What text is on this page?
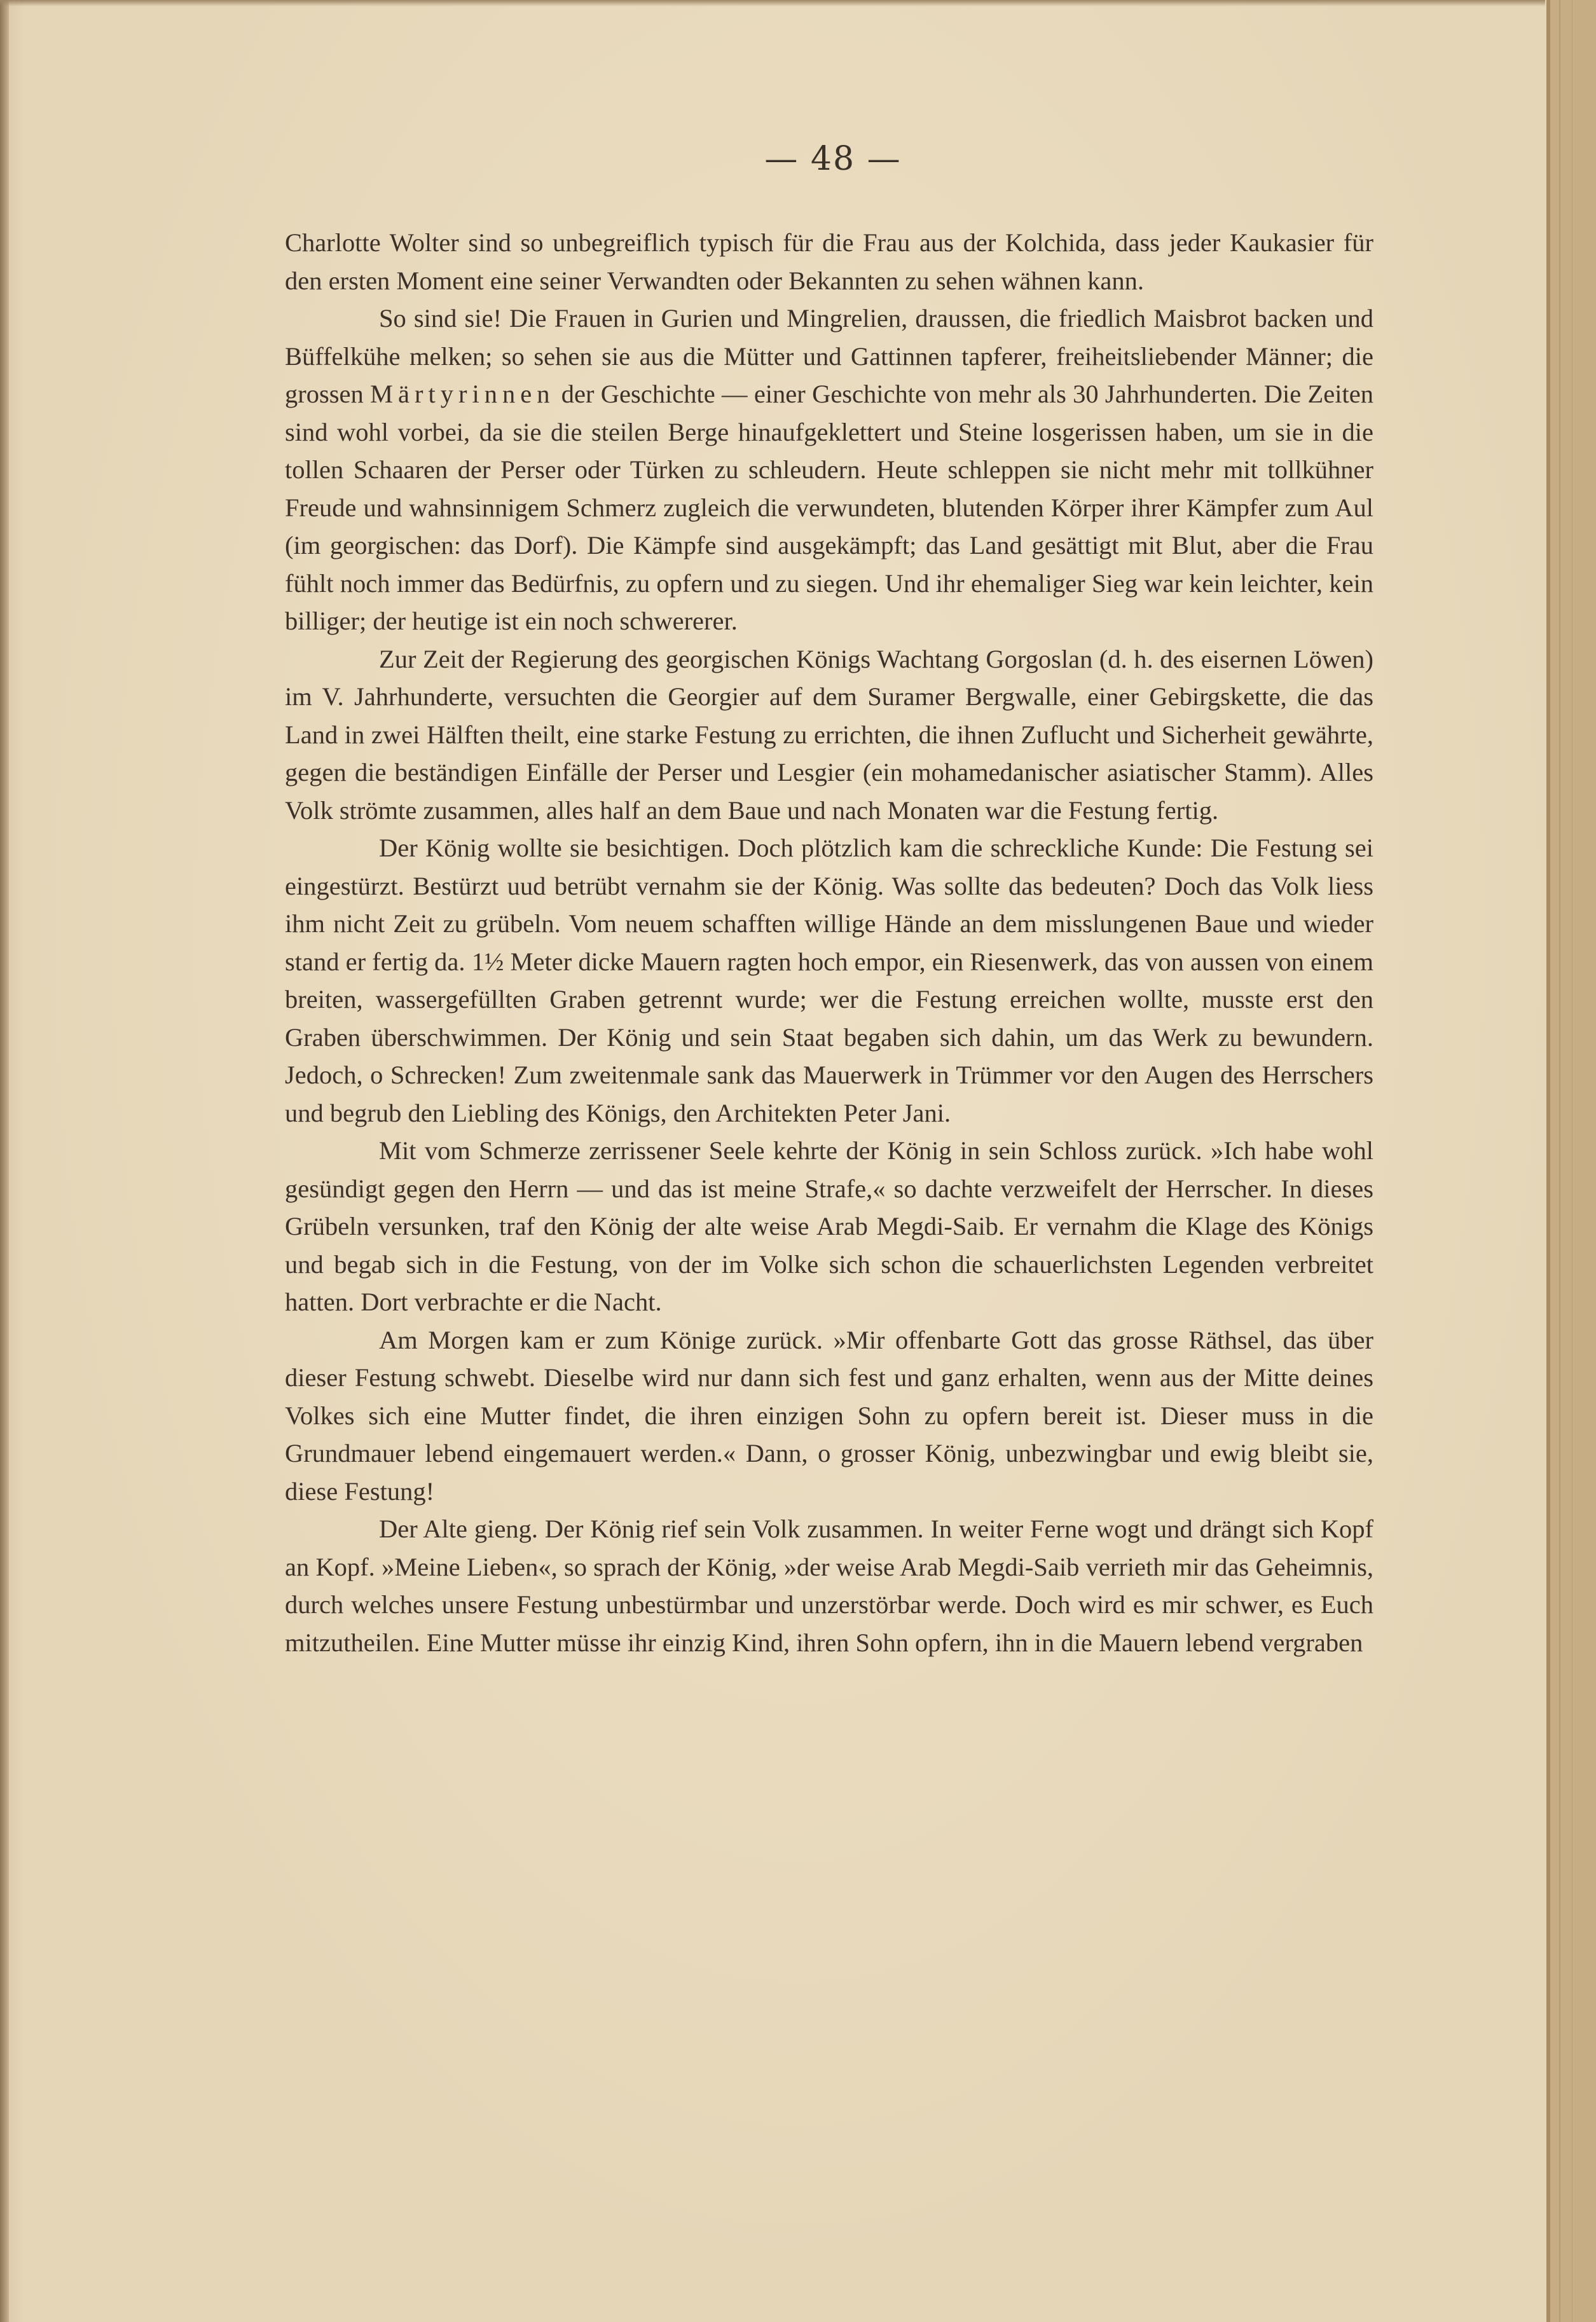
— 48 —

Charlotte Wolter sind so unbegreiflich typisch für die Frau aus der Kolchida, dass jeder Kaukasier für den ersten Moment eine seiner Verwandten oder Bekannten zu sehen wähnen kann.

So sind sie! Die Frauen in Gurien und Mingrelien, draussen, die friedlich Maisbrot backen und Büffelkühe melken; so sehen sie aus die Mütter und Gattinnen tapferer, freiheitsliebender Männer; die grossen Märtyrinnen der Geschichte — einer Geschichte von mehr als 30 Jahrhunderten. Die Zeiten sind wohl vorbei, da sie die steilen Berge hinaufgeklettert und Steine losgerissen haben, um sie in die tollen Schaaren der Perser oder Türken zu schleudern. Heute schleppen sie nicht mehr mit tollkühner Freude und wahnsinnigem Schmerz zugleich die verwundeten, blutenden Körper ihrer Kämpfer zum Aul (im georgischen: das Dorf). Die Kämpfe sind ausgekämpft; das Land gesättigt mit Blut, aber die Frau fühlt noch immer das Bedürfnis, zu opfern und zu siegen. Und ihr ehemaliger Sieg war kein leichter, kein billiger; der heutige ist ein noch schwererer.

Zur Zeit der Regierung des georgischen Königs Wachtang Gorgoslan (d. h. des eisernen Löwen) im V. Jahrhunderte, versuchten die Georgier auf dem Suramer Bergwalle, einer Gebirgskette, die das Land in zwei Hälften theilt, eine starke Festung zu errichten, die ihnen Zuflucht und Sicherheit gewährte, gegen die beständigen Einfälle der Perser und Lesgier (ein mohamedanischer asiatischer Stamm). Alles Volk strömte zusammen, alles half an dem Baue und nach Monaten war die Festung fertig.

Der König wollte sie besichtigen. Doch plötzlich kam die schreckliche Kunde: Die Festung sei eingestürzt. Bestürzt uud betrübt vernahm sie der König. Was sollte das bedeuten? Doch das Volk liess ihm nicht Zeit zu grübeln. Vom neuem schafften willige Hände an dem misslungenen Baue und wieder stand er fertig da. 1½ Meter dicke Mauern ragten hoch empor, ein Riesenwerk, das von aussen von einem breiten, wassergefüllten Graben getrennt wurde; wer die Festung erreichen wollte, musste erst den Graben überschwimmen. Der König und sein Staat begaben sich dahin, um das Werk zu bewundern. Jedoch, o Schrecken! Zum zweitenmale sank das Mauerwerk in Trümmer vor den Augen des Herrschers und begrub den Liebling des Königs, den Architekten Peter Jani.

Mit vom Schmerze zerrissener Seele kehrte der König in sein Schloss zurück. »Ich habe wohl gesündigt gegen den Herrn — und das ist meine Strafe,« so dachte verzweifelt der Herrscher. In dieses Grübeln versunken, traf den König der alte weise Arab Megdi-Saib. Er vernahm die Klage des Königs und begab sich in die Festung, von der im Volke sich schon die schauerlichsten Legenden verbreitet hatten. Dort verbrachte er die Nacht.

Am Morgen kam er zum Könige zurück. »Mir offenbarte Gott das grosse Räthsel, das über dieser Festung schwebt. Dieselbe wird nur dann sich fest und ganz erhalten, wenn aus der Mitte deines Volkes sich eine Mutter findet, die ihren einzigen Sohn zu opfern bereit ist. Dieser muss in die Grundmauer lebend eingemauert werden.« Dann, o grosser König, unbezwingbar und ewig bleibt sie, diese Festung!

Der Alte gieng. Der König rief sein Volk zusammen. In weiter Ferne wogt und drängt sich Kopf an Kopf. »Meine Lieben«, so sprach der König, »der weise Arab Megdi-Saib verrieth mir das Geheimnis, durch welches unsere Festung unbestürmbar und unzerstörbar werde. Doch wird es mir schwer, es Euch mitzutheilen. Eine Mutter müsse ihr einzig Kind, ihren Sohn opfern, ihn in die Mauern lebend vergraben
